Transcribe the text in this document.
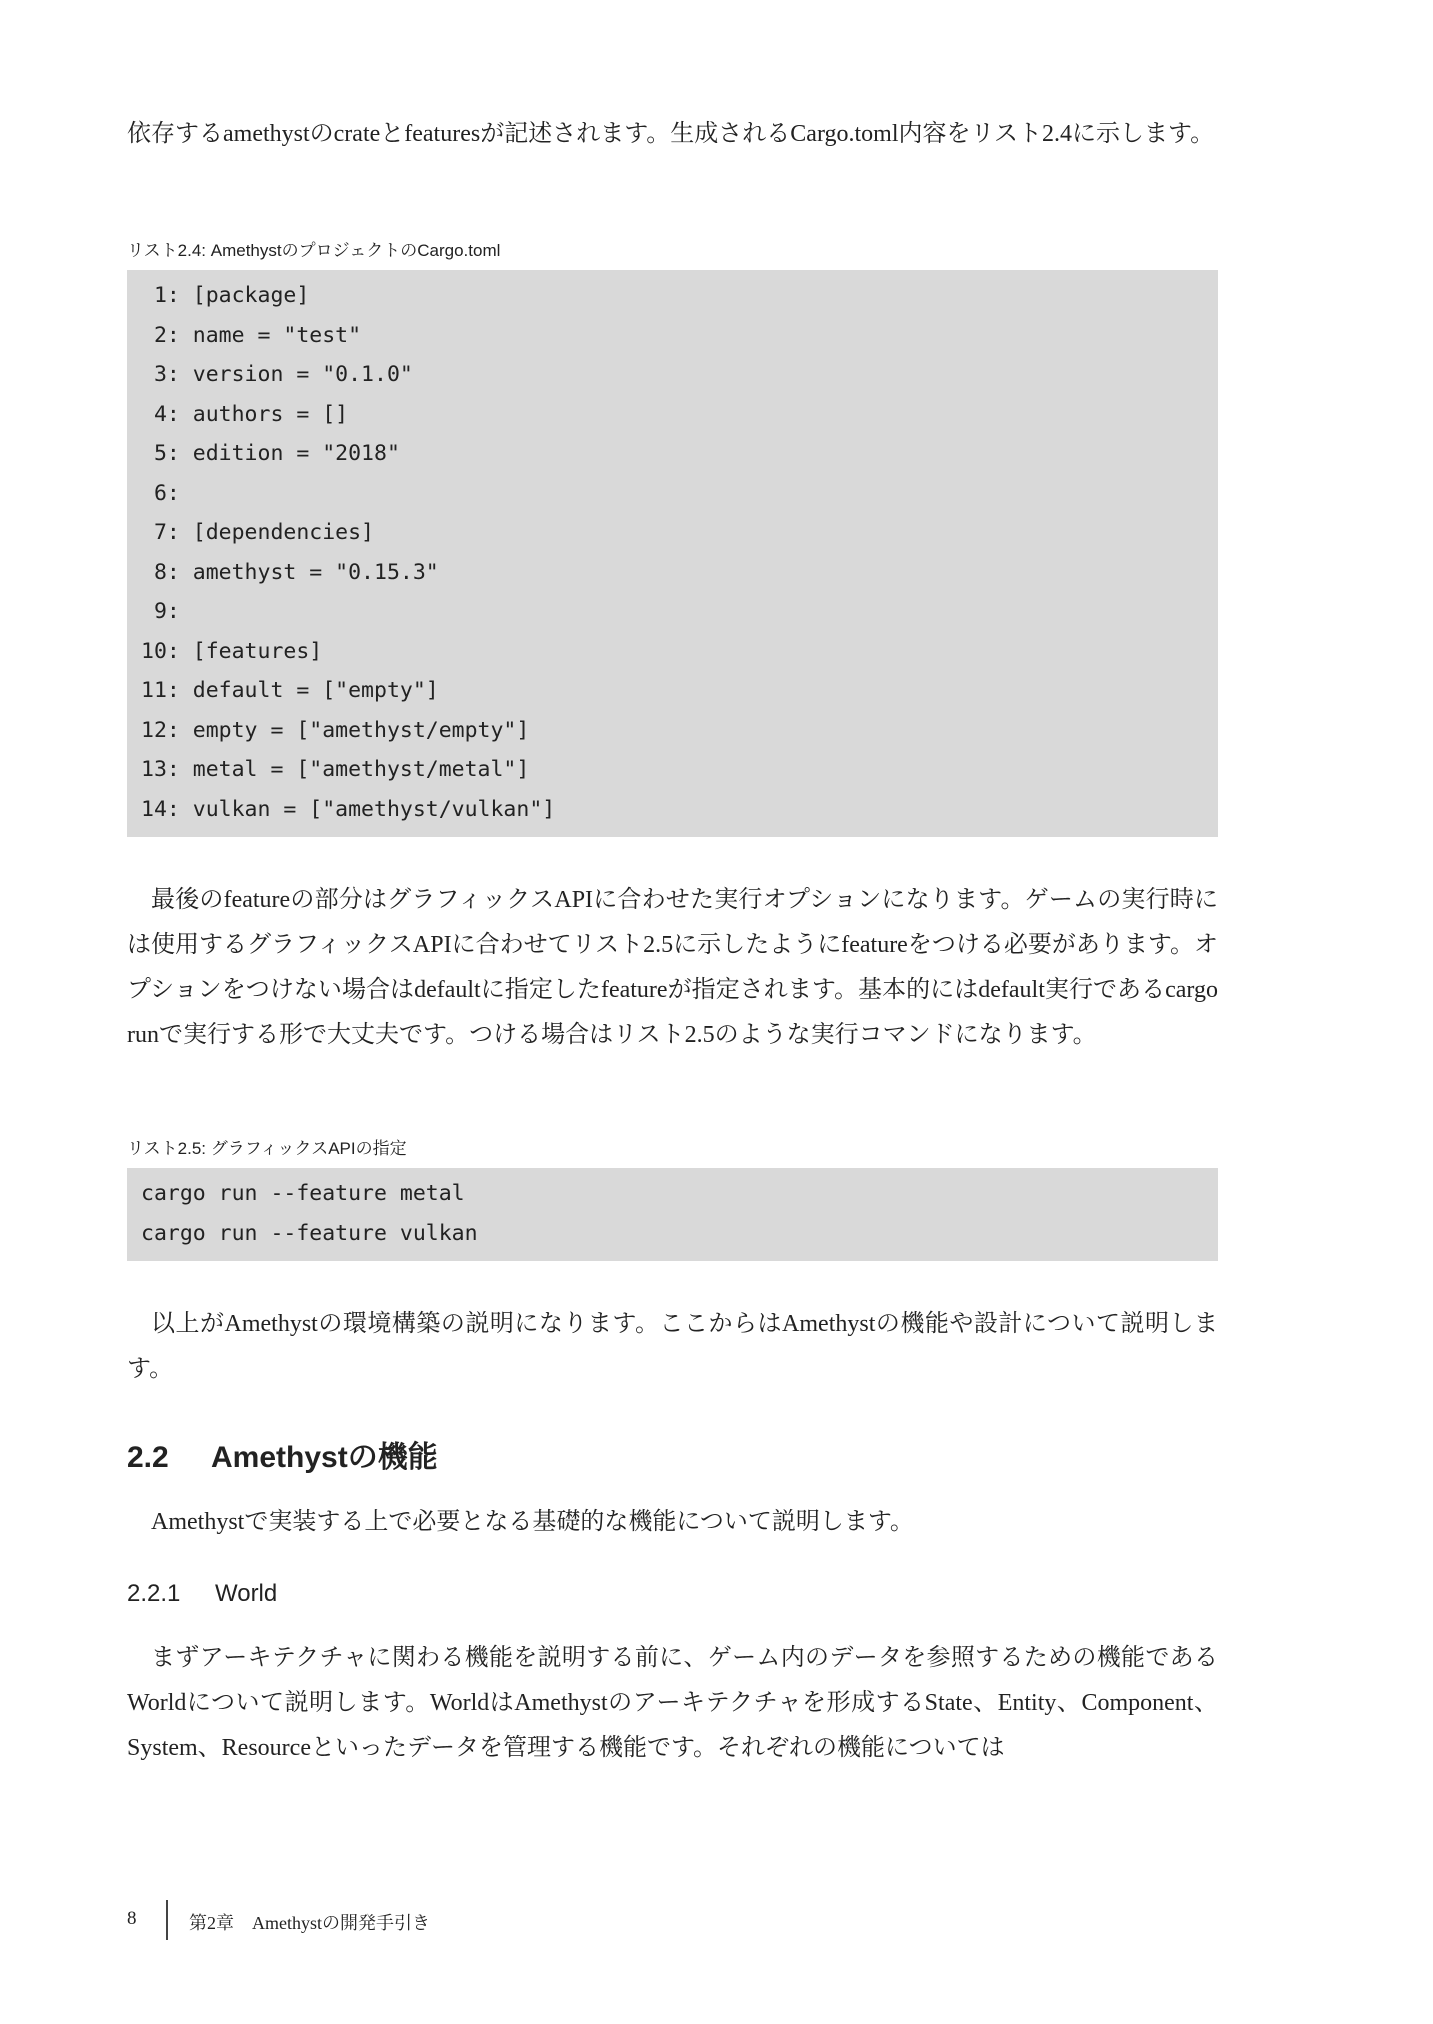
依存するamethystのcrateとfeaturesが記述されます。生成されるCargo.toml内容をリスト2.4に示します。

リスト2.4: AmethystのプロジェクトのCargo.toml

1: [package]
2: name = "test"
3: version = "0.1.0"
4: authors = []
5: edition = "2018"
6:
7: [dependencies]
8: amethyst = "0.15.3"
9:
10: [features]
11: default = ["empty"]
12: empty = ["amethyst/empty"]
13: metal = ["amethyst/metal"]
14: vulkan = ["amethyst/vulkan"]

最後のfeatureの部分はグラフィックスAPIに合わせた実行オプションになります。ゲームの実行時には使用するグラフィックスAPIに合わせてリスト2.5に示したようにfeatureをつける必要があります。オプションをつけない場合はdefaultに指定したfeatureが指定されます。基本的にはdefault実行であるcargo runで実行する形で大丈夫です。つける場合はリスト2.5のような実行コマンドになります。

リスト2.5: グラフィックスAPIの指定

cargo run --feature metal
cargo run --feature vulkan

以上がAmethystの環境構築の説明になります。ここからはAmethystの機能や設計について説明します。

2.2 Amethystの機能

Amethystで実装する上で必要となる基礎的な機能について説明します。

2.2.1 World

まずアーキテクチャに関わる機能を説明する前に、ゲーム内のデータを参照するための機能であるWorldについて説明します。WorldはAmethystのアーキテクチャを形成するState、Entity、Component、System、Resourceといったデータを管理する機能です。それぞれの機能については

8	第2章　Amethystの開発手引き
